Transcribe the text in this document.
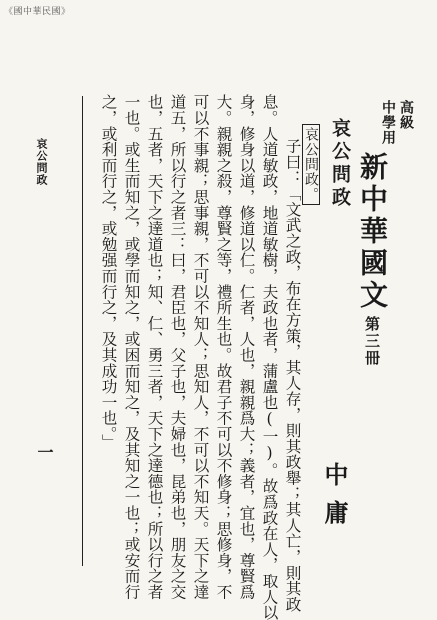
《國中華民國》
高級
中學用
新中華國文
第三冊
哀公問政
中庸
哀公問政。
子曰：「文武之政，布在方策，其人存，則其政舉；其人亡，則其政
息。人道敏政，地道敏樹，夫政也者，蒲盧也(一)。故爲政在人，取人以
身，修身以道，修道以仁。仁者，人也，親親爲大；義者，宜也，尊賢爲
大。親親之殺，尊賢之等，禮所生也。故君子不可以不修身；思修身，不
可以不事親；思事親，不可以不知人；思知人，不可以不知天。天下之達
道五，所以行之者三：曰，君臣也，父子也，夫婦也，昆弟也，朋友之交
也，五者，天下之達道也；知、仁、勇三者，天下之達德也；所以行之者
一也。或生而知之，或學而知之，或困而知之，及其知之一也；或安而行
之，或利而行之，或勉强而行之，及其成功一也。」
哀公問政
一
